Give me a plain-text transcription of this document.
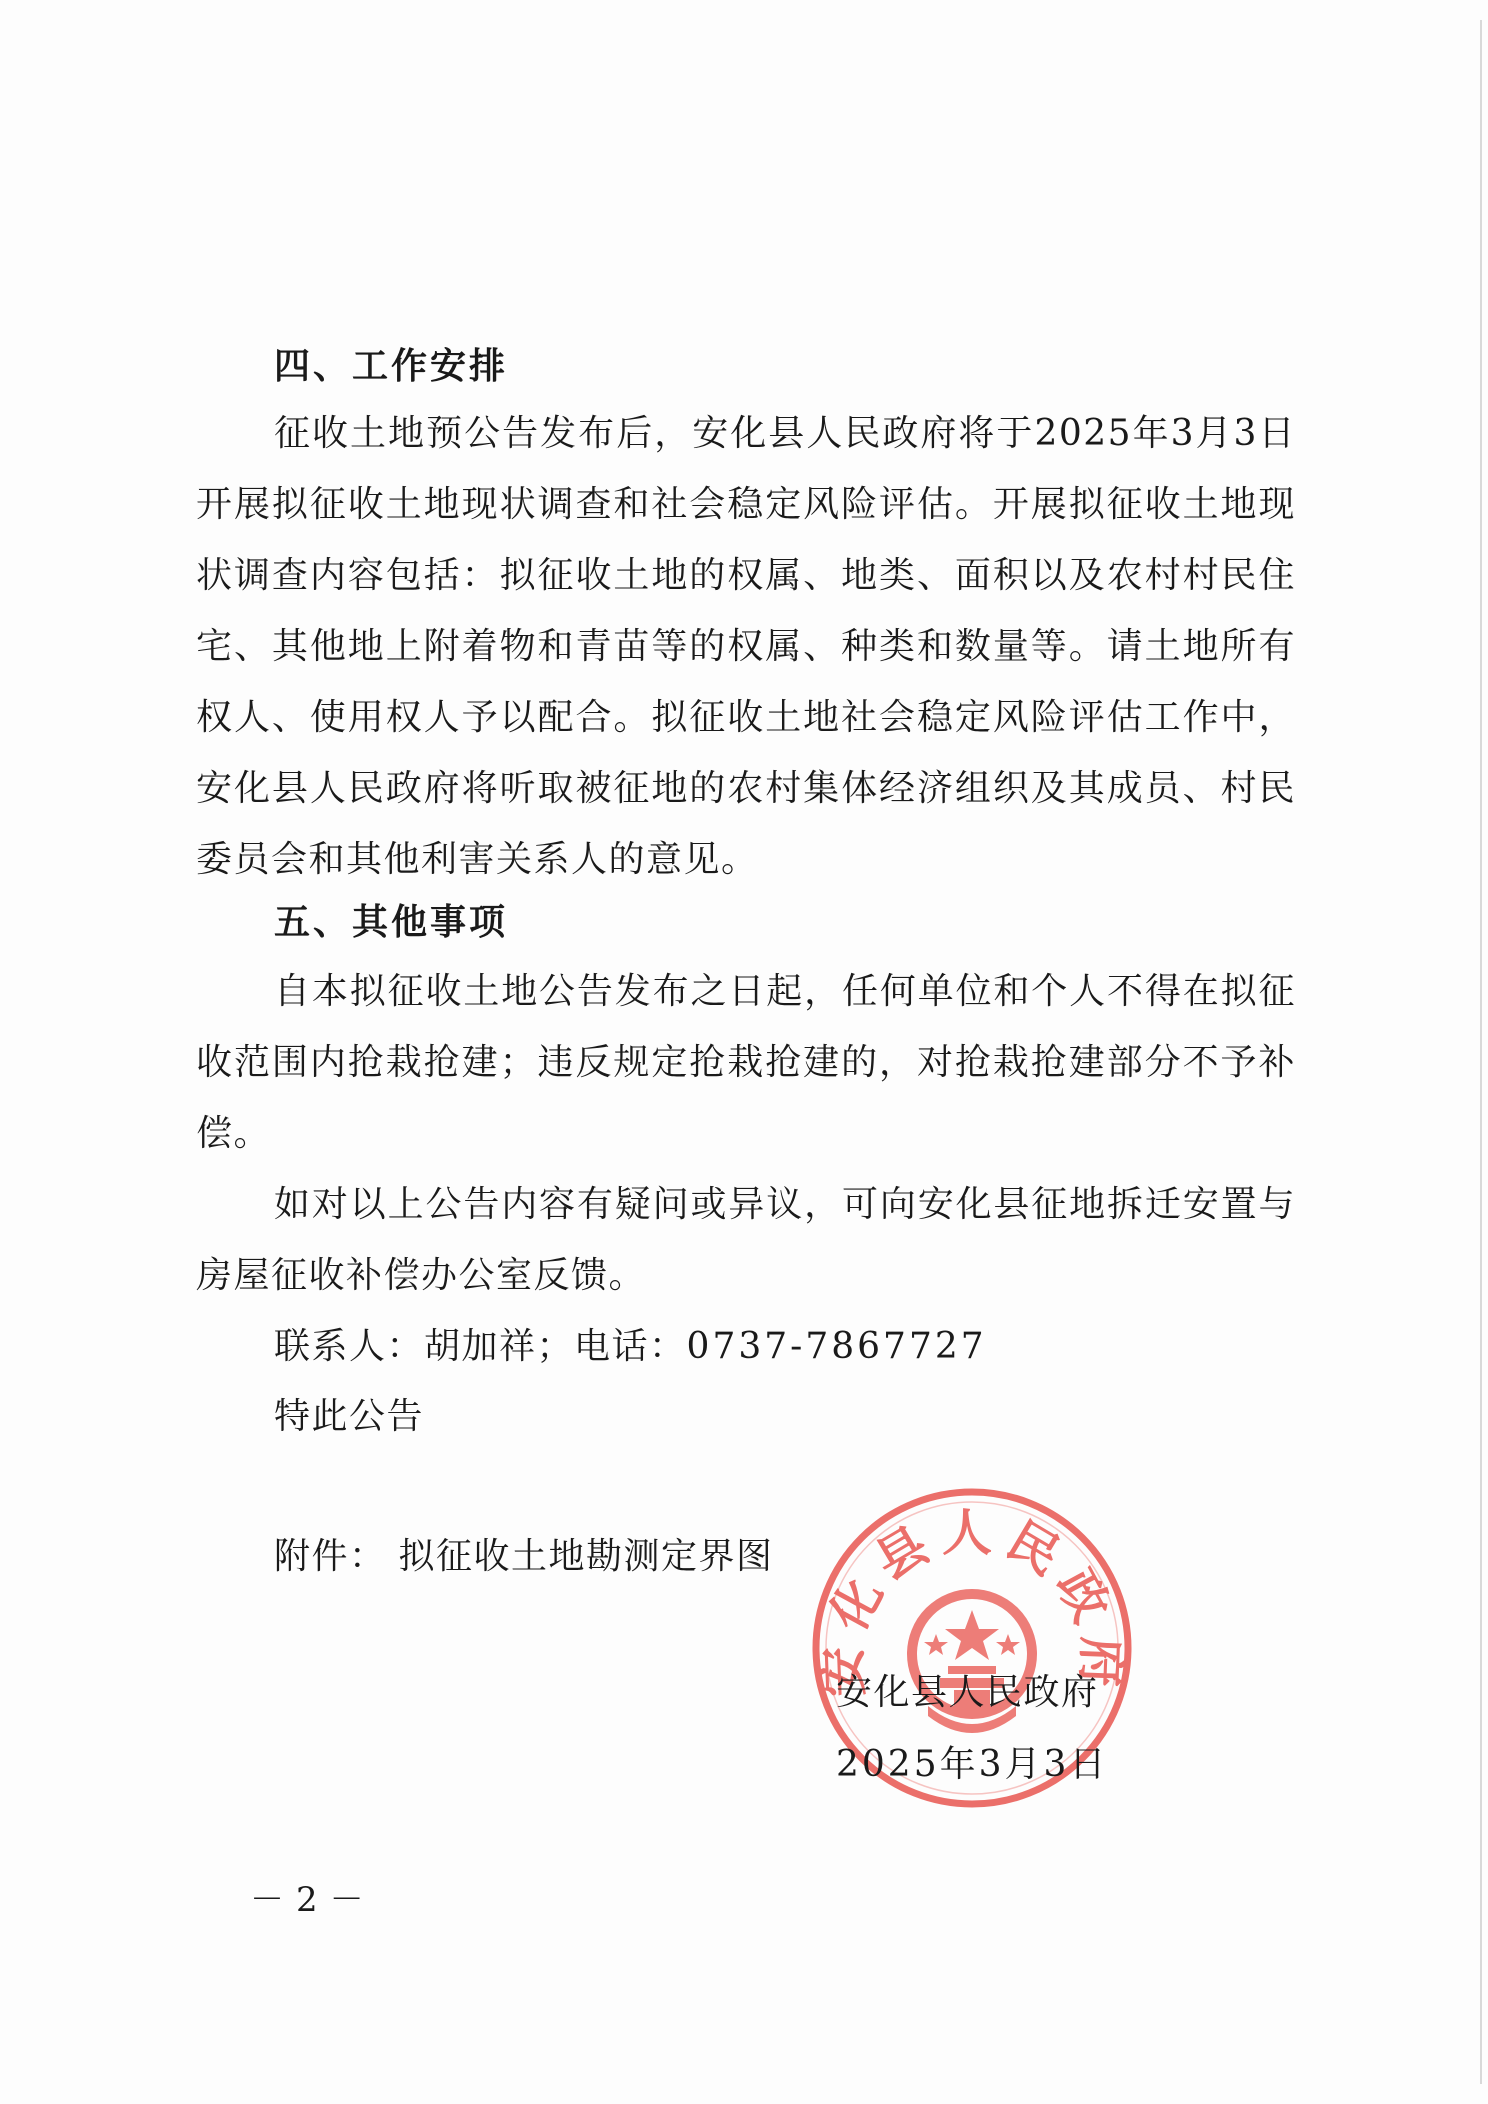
四、工作安排

征收土地预公告发布后，安化县人民政府将于2025年3月3日开展拟征收土地现状调查和社会稳定风险评估。开展拟征收土地现状调查内容包括：拟征收土地的权属、地类、面积以及农村村民住宅、其他地上附着物和青苗等的权属、种类和数量等。请土地所有权人、使用权人予以配合。拟征收土地社会稳定风险评估工作中，安化县人民政府将听取被征地的农村集体经济组织及其成员、村民委员会和其他利害关系人的意见。

五、其他事项

自本拟征收土地公告发布之日起，任何单位和个人不得在拟征收范围内抢栽抢建；违反规定抢栽抢建的，对抢栽抢建部分不予补偿。

如对以上公告内容有疑问或异议，可向安化县征地拆迁安置与房屋征收补偿办公室反馈。

联系人：胡加祥；电话：0737-7867727
特此公告
附件： 拟征收土地勘测定界图
安化县人民政府
安化县人民政府
2025年3月3日
－2－
